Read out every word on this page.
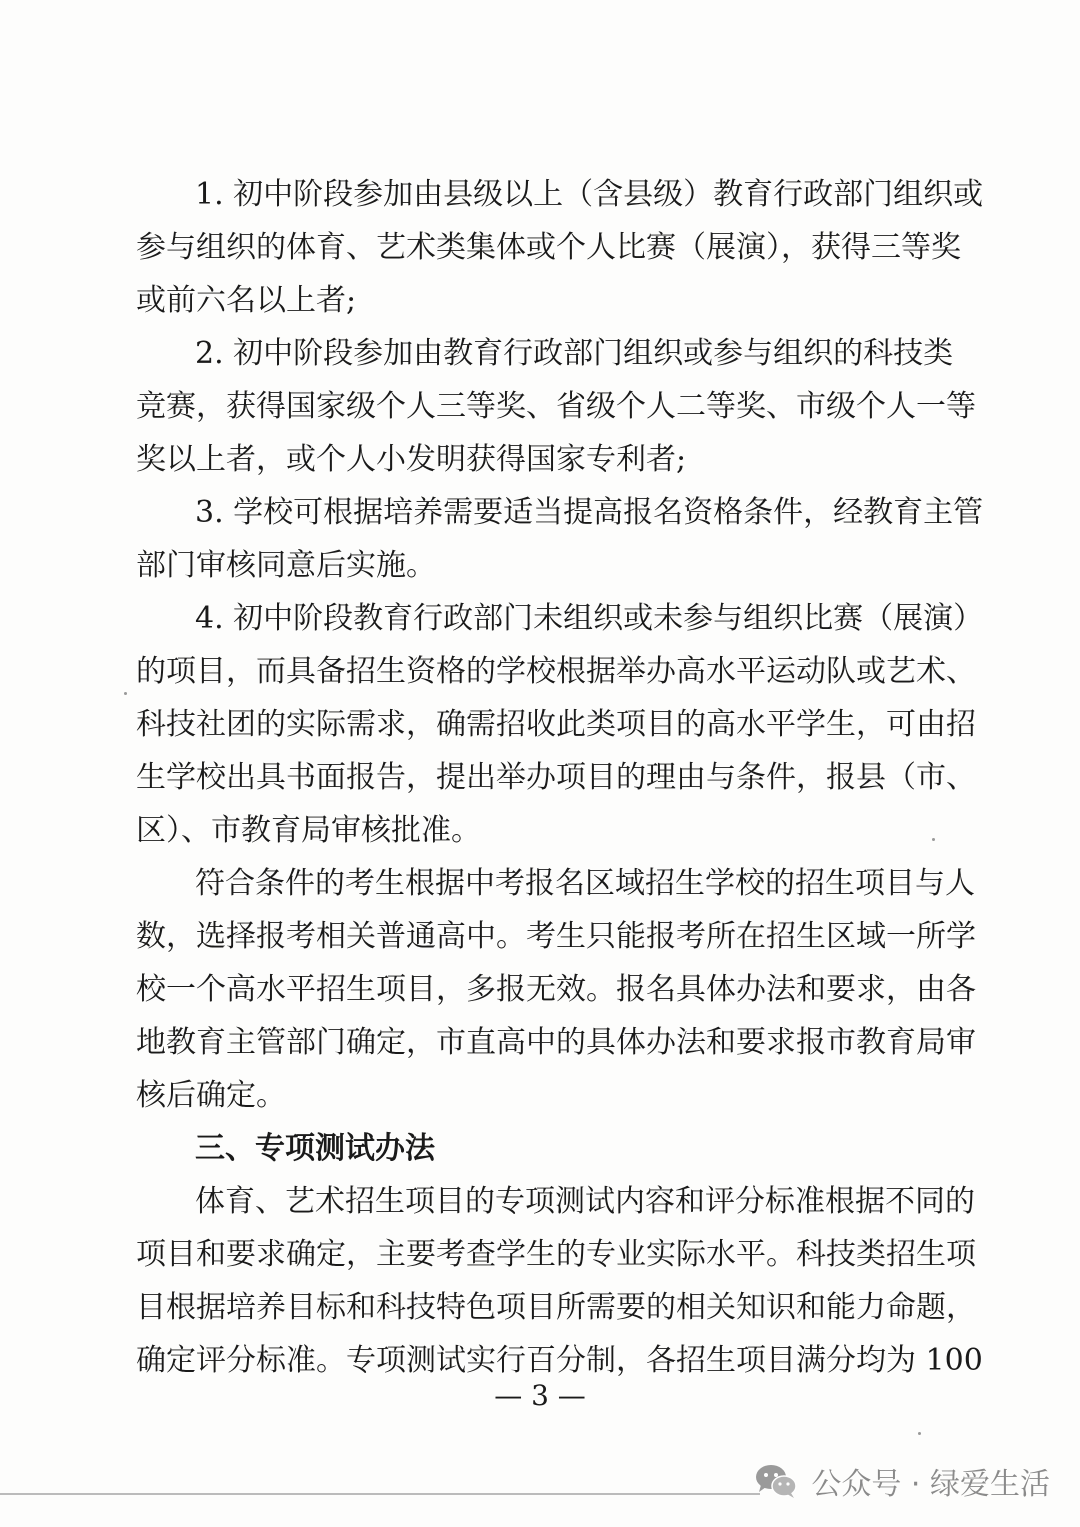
1. 初中阶段参加由县级以上（含县级）教育行政部门组织或
参与组织的体育、艺术类集体或个人比赛（展演），获得三等奖
或前六名以上者;
2. 初中阶段参加由教育行政部门组织或参与组织的科技类
竞赛，获得国家级个人三等奖、省级个人二等奖、市级个人一等
奖以上者，或个人小发明获得国家专利者;
3. 学校可根据培养需要适当提高报名资格条件，经教育主管
部门审核同意后实施。
4. 初中阶段教育行政部门未组织或未参与组织比赛（展演）
的项目，而具备招生资格的学校根据举办高水平运动队或艺术、
科技社团的实际需求，确需招收此类项目的高水平学生，可由招
生学校出具书面报告，提出举办项目的理由与条件，报县（市、
区）、市教育局审核批准。
符合条件的考生根据中考报名区域招生学校的招生项目与人
数，选择报考相关普通高中。考生只能报考所在招生区域一所学
校一个高水平招生项目，多报无效。报名具体办法和要求，由各
地教育主管部门确定，市直高中的具体办法和要求报市教育局审
核后确定。
三、专项测试办法
体育、艺术招生项目的专项测试内容和评分标准根据不同的
项目和要求确定，主要考查学生的专业实际水平。科技类招生项
目根据培养目标和科技特色项目所需要的相关知识和能力命题，
确定评分标准。专项测试实行百分制，各招生项目满分均为 100
— 3 —
公众号 · 绿爱生活
